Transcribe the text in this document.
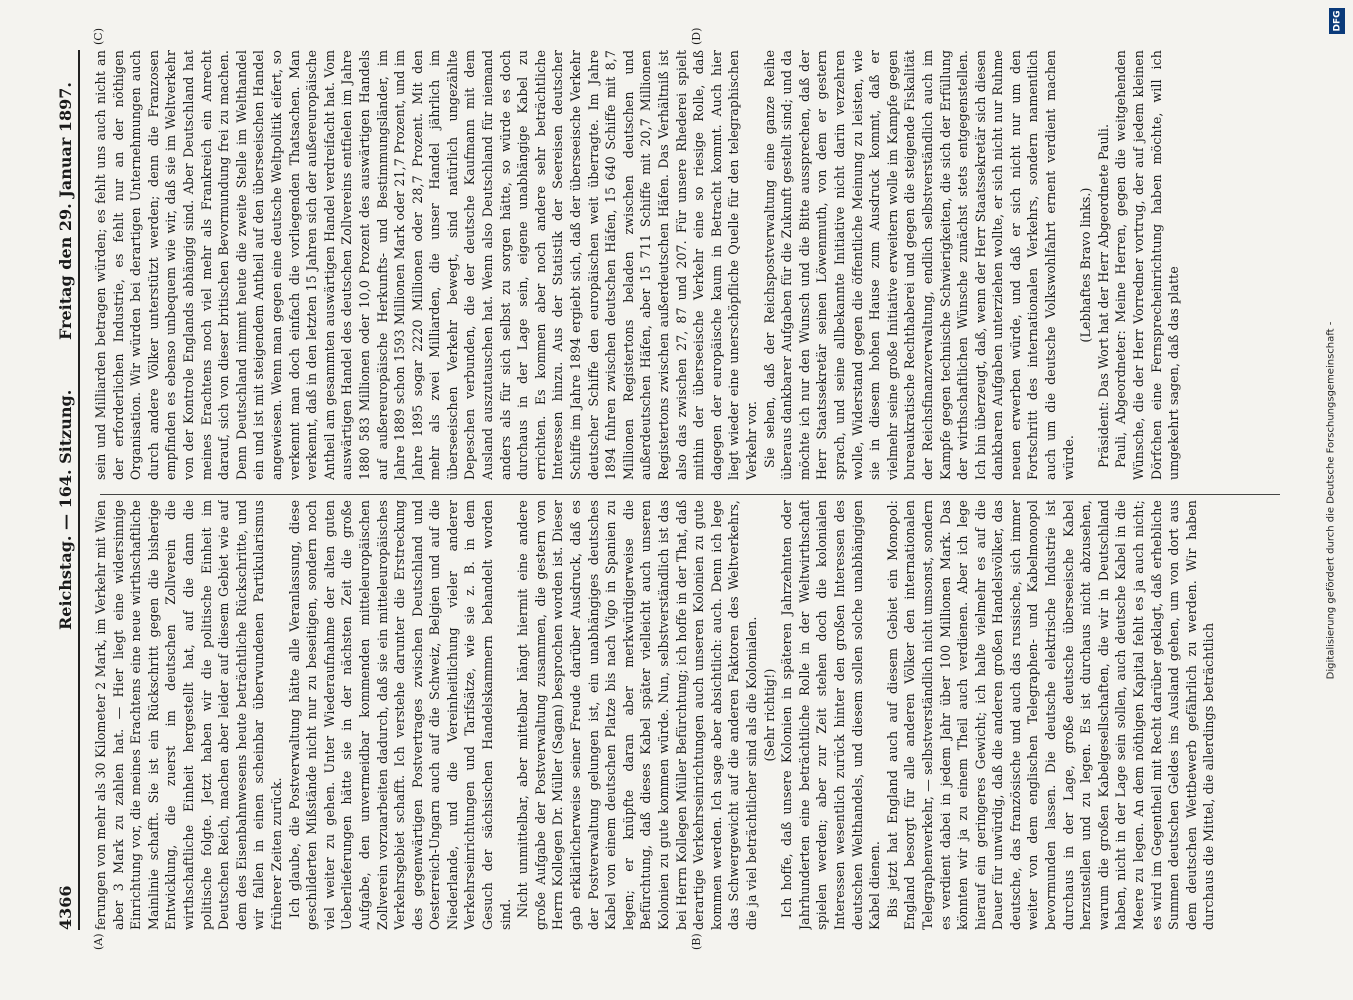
4366
Reichstag. — 164. Sitzung.
Freitag den 29. Januar 1897.
(A)	(B)
(C)	(D)

ferungen von mehr als 30 Kilometer 2 Mark, im Verkehr mit Wien aber 3 Mark zu zahlen hat. — Hier liegt eine widersinnige Einrichtung vor, die meines Erachtens eine neue wirthschaftliche Mainlinie schafft. Sie ist ein Rückschritt gegen die bisherige Entwicklung, die zuerst im deutschen Zollverein die wirthschaftliche Einheit hergestellt hat, auf die dann die politische folgte. Jetzt haben wir die politische Einheit im Deutschen Reich, machen aber leider auf diesem Gebiet wie auf dem des Eisenbahnwesens heute beträchtliche Rückschritte, und wir fallen in einen scheinbar überwundenen Partikularismus früherer Zeiten zurück. Ich glaube, die Postverwaltung hätte alle Veranlassung, diese geschilderten Mißstände nicht nur zu beseitigen, sondern noch viel weiter zu gehen. Unter Wiederaufnahme der alten guten Ueberlieferungen hätte sie in der nächsten Zeit die große Aufgabe, den unvermeidbar kommenden mitteleuropäischen Zollverein vorzuarbeiten dadurch, daß sie ein mitteleuropäisches Verkehrsgebiet schafft. Ich verstehe darunter die Erstreckung des gegenwärtigen Postvertrages zwischen Deutschland und Oesterreich-Ungarn auch auf die Schweiz, Belgien und auf die Niederlande, und die Vereinheitlichung vieler anderer Verkehrseinrichtungen und Tarifsätze, wie sie z. B. in dem Gesuch der sächsischen Handelskammern behandelt worden sind. Nicht unmittelbar, aber mittelbar hängt hiermit eine andere große Aufgabe der Postverwaltung zusammen, die gestern von Herrn Kollegen Dr. Müller (Sagan) besprochen worden ist. Dieser gab erklärlicherweise seiner Freude darüber Ausdruck, daß es der Postverwaltung gelungen ist, ein unabhängiges deutsches Kabel von einem deutschen Platze bis nach Vigo in Spanien zu legen; er knüpfte daran aber merkwürdigerweise die Befürchtung, daß dieses Kabel später vielleicht auch unseren Kolonien zu gute kommen würde. Nun, selbstverständlich ist das bei Herrn Kollegen Müller Befürchtung; ich hoffe in der That, daß derartige Verkehrseinrichtungen auch unseren Kolonien zu gute kommen werden. Ich sage aber absichtlich: auch. Denn ich lege das Schwergewicht auf die anderen Faktoren des Weltverkehrs, die ja viel beträchtlicher sind als die Kolonialen. (Sehr richtig!) Ich hoffe, daß unsere Kolonien in späteren Jahrzehnten oder Jahrhunderten eine beträchtliche Rolle in der Weltwirthschaft spielen werden; aber zur Zeit stehen doch die kolonialen Interessen wesentlich zurück hinter den großen Interessen des deutschen Welthandels, und diesem sollen solche unabhängigen Kabel dienen. Bis jetzt hat England auch auf diesem Gebiet ein Monopol: England besorgt für alle anderen Völker den internationalen Telegraphenverkehr, — selbstverständlich nicht umsonst, sondern es verdient dabei in jedem Jahr über 100 Millionen Mark. Das könnten wir ja zu einem Theil auch verdienen. Aber ich lege hierauf ein geringeres Gewicht; ich halte vielmehr es auf die Dauer für unwürdig, daß die anderen großen Handelsvölker, das deutsche, das französische und auch das russische, sich immer weiter von dem englischen Telegraphen- und Kabelmonopol bevormunden lassen. Die deutsche elektrische Industrie ist durchaus in der Lage, große deutsche überseeische Kabel herzustellen und zu legen. Es ist durchaus nicht abzusehen, warum die großen Kabelgesellschaften, die wir in Deutschland haben, nicht in der Lage sein sollen, auch deutsche Kabel in die Meere zu legen. An dem nöthigen Kapital fehlt es ja auch nicht; es wird im Gegentheil mit Recht darüber geklagt, daß erhebliche Summen deutschen Geldes ins Ausland gehen, um von dort aus dem deutschen Wettbewerb gefährlich zu werden. Wir haben durchaus die Mittel, die allerdings beträchtlich

sein und Milliarden betragen würden; es fehlt uns auch nicht an der erforderlichen Industrie, es fehlt nur an der nöthigen Organisation. Wir würden bei derartigen Unternehmungen auch durch andere Völker unterstützt werden; denn die Franzosen empfinden es ebenso unbequem wie wir, daß sie im Weltverkehr von der Kontrole Englands abhängig sind. Aber Deutschland hat meines Erachtens noch viel mehr als Frankreich ein Anrecht darauf, sich von dieser britischen Bevormundung frei zu machen. Denn Deutschland nimmt heute die zweite Stelle im Welthandel ein und ist mit steigendem Antheil auf den überseeischen Handel angewiesen. Wenn man gegen eine deutsche Weltpolitik eifert, so verkennt man doch einfach die vorliegenden Thatsachen. Man verkennt, daß in den letzten 15 Jahren sich der außereuropäische Antheil am gesammten auswärtigen Handel verdreifacht hat. Vom auswärtigen Handel des deutschen Zollvereins entfielen im Jahre 1880 583 Millionen oder 10,0 Prozent des auswärtigen Handels auf außereuropäische Herkunfts- und Bestimmungsländer, im Jahre 1889 schon 1593 Millionen Mark oder 21,7 Prozent, und im Jahre 1895 sogar 2220 Millionen oder 28,7 Prozent. Mit den mehr als zwei Milliarden, die unser Handel jährlich im überseeischen Verkehr bewegt, sind natürlich ungezählte Depeschen verbunden, die der deutsche Kaufmann mit dem Ausland auszutauschen hat. Wenn also Deutschland für niemand anders als für sich selbst zu sorgen hätte, so würde es doch durchaus in der Lage sein, eigene unabhängige Kabel zu errichten. Es kommen aber noch andere sehr beträchtliche Interessen hinzu. Aus der Statistik der Seereisen deutscher Schiffe im Jahre 1894 ergiebt sich, daß der überseeische Verkehr deutscher Schiffe den europäischen weit überragte. Im Jahre 1894 fuhren zwischen deutschen Häfen, 15 640 Schiffe mit 8,7 Millionen Registertons beladen zwischen deutschen und außerdeutschen Häfen, aber 15 711 Schiffe mit 20,7 Millionen Registertons zwischen außerdeutschen Häfen. Das Verhältniß ist also das zwischen 27, 87 und 207. Für unsere Rhederei spielt mithin der überseeische Verkehr eine so riesige Rolle, daß dagegen der europäische kaum in Betracht kommt. Auch hier liegt wieder eine unerschöpfliche Quelle für den telegraphischen Verkehr vor. Sie sehen, daß der Reichspostverwaltung eine ganze Reihe überaus dankbarer Aufgaben für die Zukunft gestellt sind; und da möchte ich nur den Wunsch und die Bitte aussprechen, daß der Herr Staatssekretär seinen Löwenmuth, von dem er gestern sprach, und seine allbekannte Initiative nicht darin verzehren wolle, Widerstand gegen die öffentliche Meinung zu leisten, wie sie in diesem hohen Hause zum Ausdruck kommt, daß er vielmehr seine große Initiative erweitern wolle im Kampfe gegen bureaukratische Rechthaberei und gegen die steigende Fiskalität der Reichsfinanzverwaltung, endlich selbstverständlich auch im Kampfe gegen technische Schwierigkeiten, die sich der Erfüllung der wirthschaftlichen Wünsche zunächst stets entgegenstellen. Ich bin überzeugt, daß, wenn der Herr Staatssekretär sich diesen dankbaren Aufgaben unterziehen wollte, er sich nicht nur Ruhme neuen erwerben würde, und daß er sich nicht nur um den Fortschritt des internationalen Verkehrs, sondern namentlich auch um die deutsche Volkswohlfahrt ernent verdient machen würde.

(Lebhaftes Bravo links.) Präsident: Das Wort hat der Herr Abgeordnete Pauli. Pauli, Abgeordneter: Meine Herren, gegen die weitgehenden Wünsche, die der Herr Vorredner vortrug, der auf jedem kleinen Dörfchen eine Fernsprecheinrichtung haben möchte, will ich umgekehrt sagen, daß das platte

DFG
Digitalisierung gefördert durch die Deutsche Forschungsgemeinschaft -
